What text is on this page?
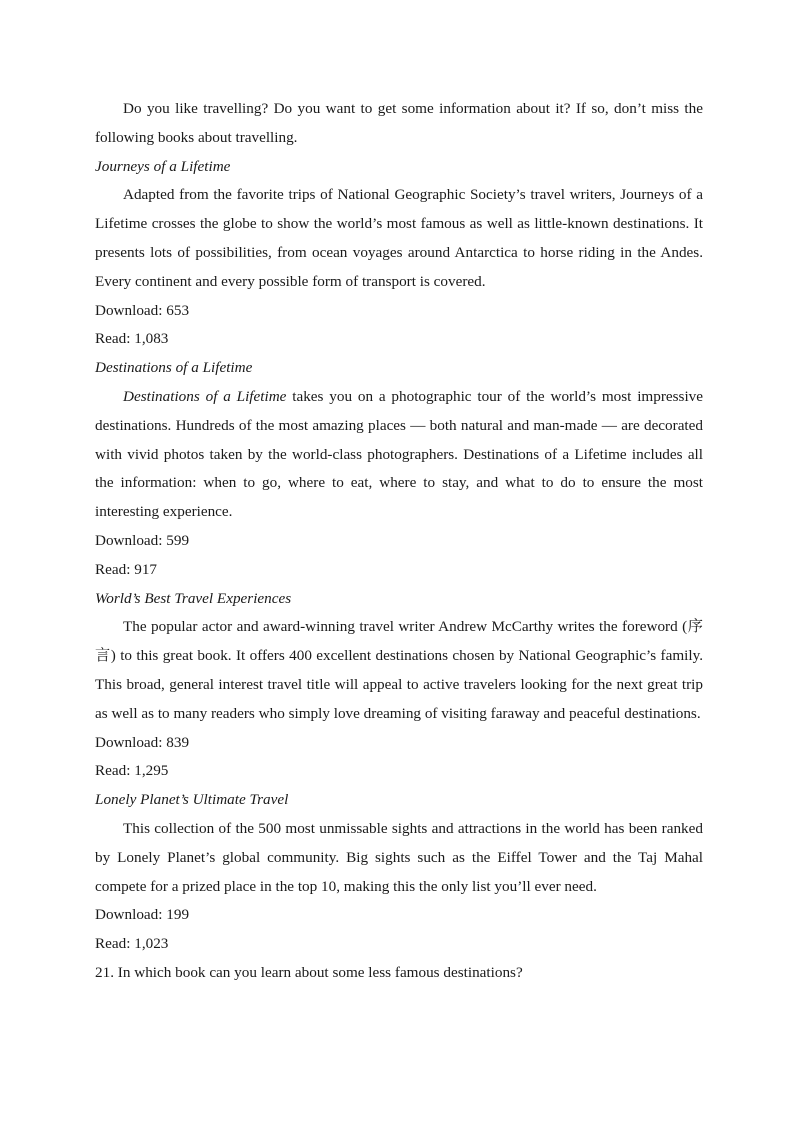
Do you like travelling? Do you want to get some information about it? If so, don’t miss the following books about travelling.

Journeys of a Lifetime

Adapted from the favorite trips of National Geographic Society’s travel writers, Journeys of a Lifetime crosses the globe to show the world’s most famous as well as little-known destinations. It presents lots of possibilities, from ocean voyages around Antarctica to horse riding in the Andes. Every continent and every possible form of transport is covered.

Download: 653

Read: 1,083

Destinations of a Lifetime

Destinations of a Lifetime takes you on a photographic tour of the world’s most impressive destinations. Hundreds of the most amazing places — both natural and man-made — are decorated with vivid photos taken by the world-class photographers. Destinations of a Lifetime includes all the information: when to go, where to eat, where to stay, and what to do to ensure the most interesting experience.

Download: 599

Read: 917

World’s Best Travel Experiences

The popular actor and award-winning travel writer Andrew McCarthy writes the foreword (序言) to this great book. It offers 400 excellent destinations chosen by National Geographic’s family. This broad, general interest travel title will appeal to active travelers looking for the next great trip as well as to many readers who simply love dreaming of visiting faraway and peaceful destinations.

Download: 839

Read: 1,295

Lonely Planet’s Ultimate Travel

This collection of the 500 most unmissable sights and attractions in the world has been ranked by Lonely Planet’s global community. Big sights such as the Eiffel Tower and the Taj Mahal compete for a prized place in the top 10, making this the only list you’ll ever need.

Download: 199

Read: 1,023

21. In which book can you learn about some less famous destinations?
